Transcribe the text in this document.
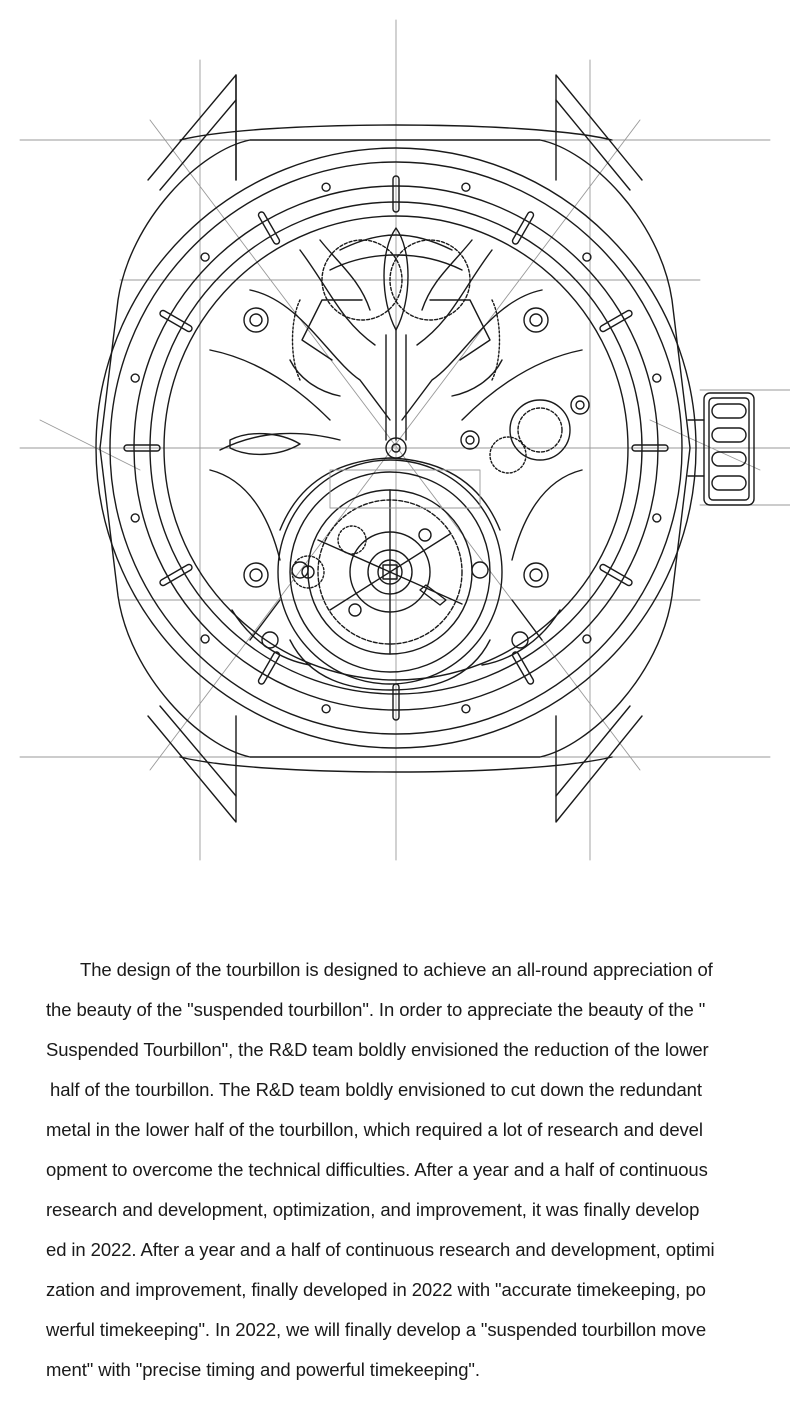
The design of the tourbillon is designed to achieve an all-round appreciation of
the beauty of the "suspended tourbillon". In order to appreciate the beauty of the "
Suspended Tourbillon", the R&D team boldly envisioned the reduction of the lower
half of the tourbillon. The R&D team boldly envisioned to cut down the redundant
metal in the lower half of the tourbillon, which required a lot of research and devel
opment to overcome the technical difficulties. After a year and a half of continuous
research and development, optimization, and improvement, it was finally develop
ed in 2022. After a year and a half of continuous research and development, optimi
zation and improvement, finally developed in 2022 with "accurate timekeeping, po
werful timekeeping". In 2022, we will finally develop a "suspended tourbillon move
ment" with "precise timing and powerful timekeeping".
